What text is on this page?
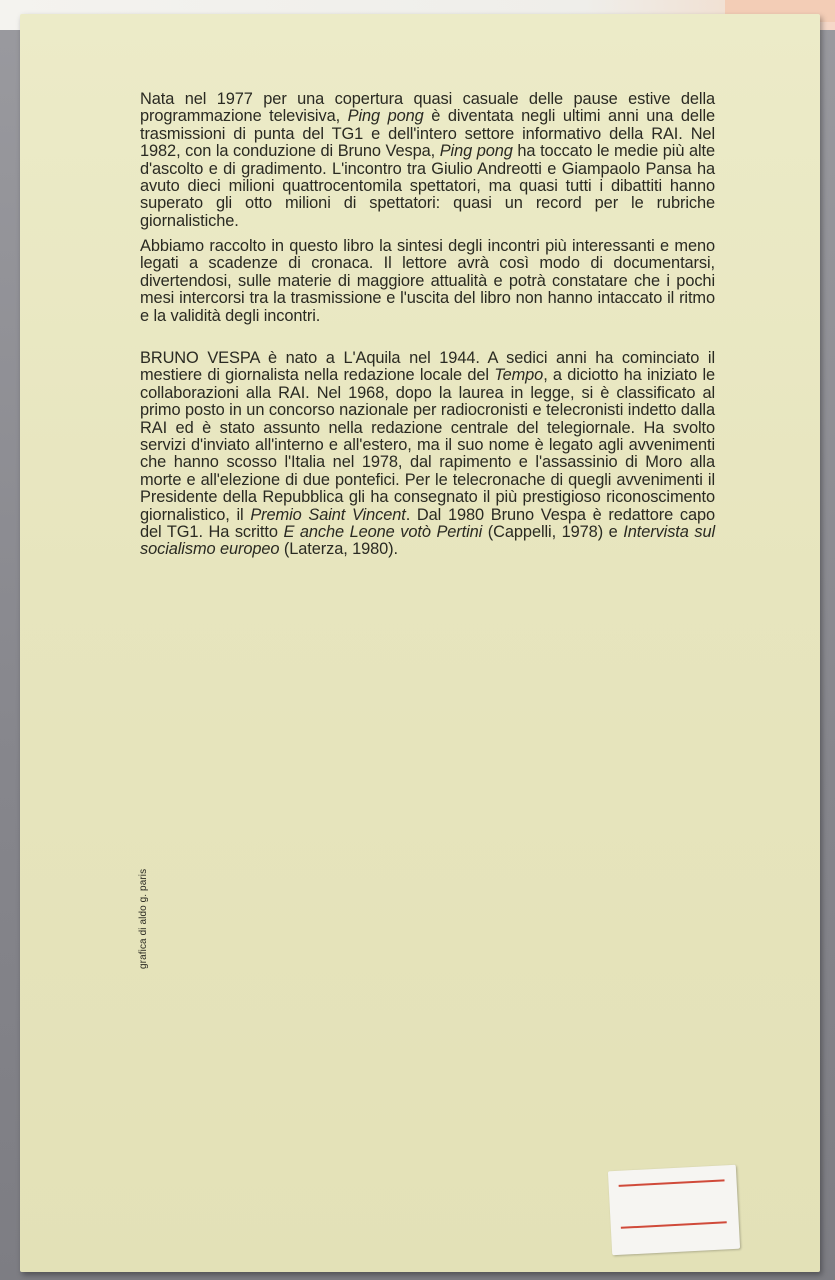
Nata nel 1977 per una copertura quasi casuale delle pause estive della programmazione televisiva, Ping pong è diventata negli ultimi anni una delle trasmissioni di punta del TG1 e dell'intero settore informativo della RAI. Nel 1982, con la conduzione di Bruno Vespa, Ping pong ha toccato le medie più alte d'ascolto e di gradimento. L'incontro tra Giulio Andreotti e Giampaolo Pansa ha avuto dieci milioni quattrocentomila spettatori, ma quasi tutti i dibattiti hanno superato gli otto milioni di spettatori: quasi un record per le rubriche giornalistiche.

Abbiamo raccolto in questo libro la sintesi degli incontri più interessanti e meno legati a scadenze di cronaca. Il lettore avrà così modo di documentarsi, divertendosi, sulle materie di maggiore attualità e potrà constatare che i pochi mesi intercorsi tra la trasmissione e l'uscita del libro non hanno intaccato il ritmo e la validità degli incontri.

BRUNO VESPA è nato a L'Aquila nel 1944. A sedici anni ha cominciato il mestiere di giornalista nella redazione locale del Tempo, a diciotto ha iniziato le collaborazioni alla RAI. Nel 1968, dopo la laurea in legge, si è classificato al primo posto in un concorso nazionale per radiocronisti e telecronisti indetto dalla RAI ed è stato assunto nella redazione centrale del telegiornale. Ha svolto servizi d'inviato all'interno e all'estero, ma il suo nome è legato agli avvenimenti che hanno scosso l'Italia nel 1978, dal rapimento e l'assassinio di Moro alla morte e all'elezione di due pontefici. Per le telecronache di quegli avvenimenti il Presidente della Repubblica gli ha consegnato il più prestigioso riconoscimento giornalistico, il Premio Saint Vincent. Dal 1980 Bruno Vespa è redattore capo del TG1. Ha scritto E anche Leone votò Pertini (Cappelli, 1978) e Intervista sul socialismo europeo (Laterza, 1980).

grafica di aldo g. paris
